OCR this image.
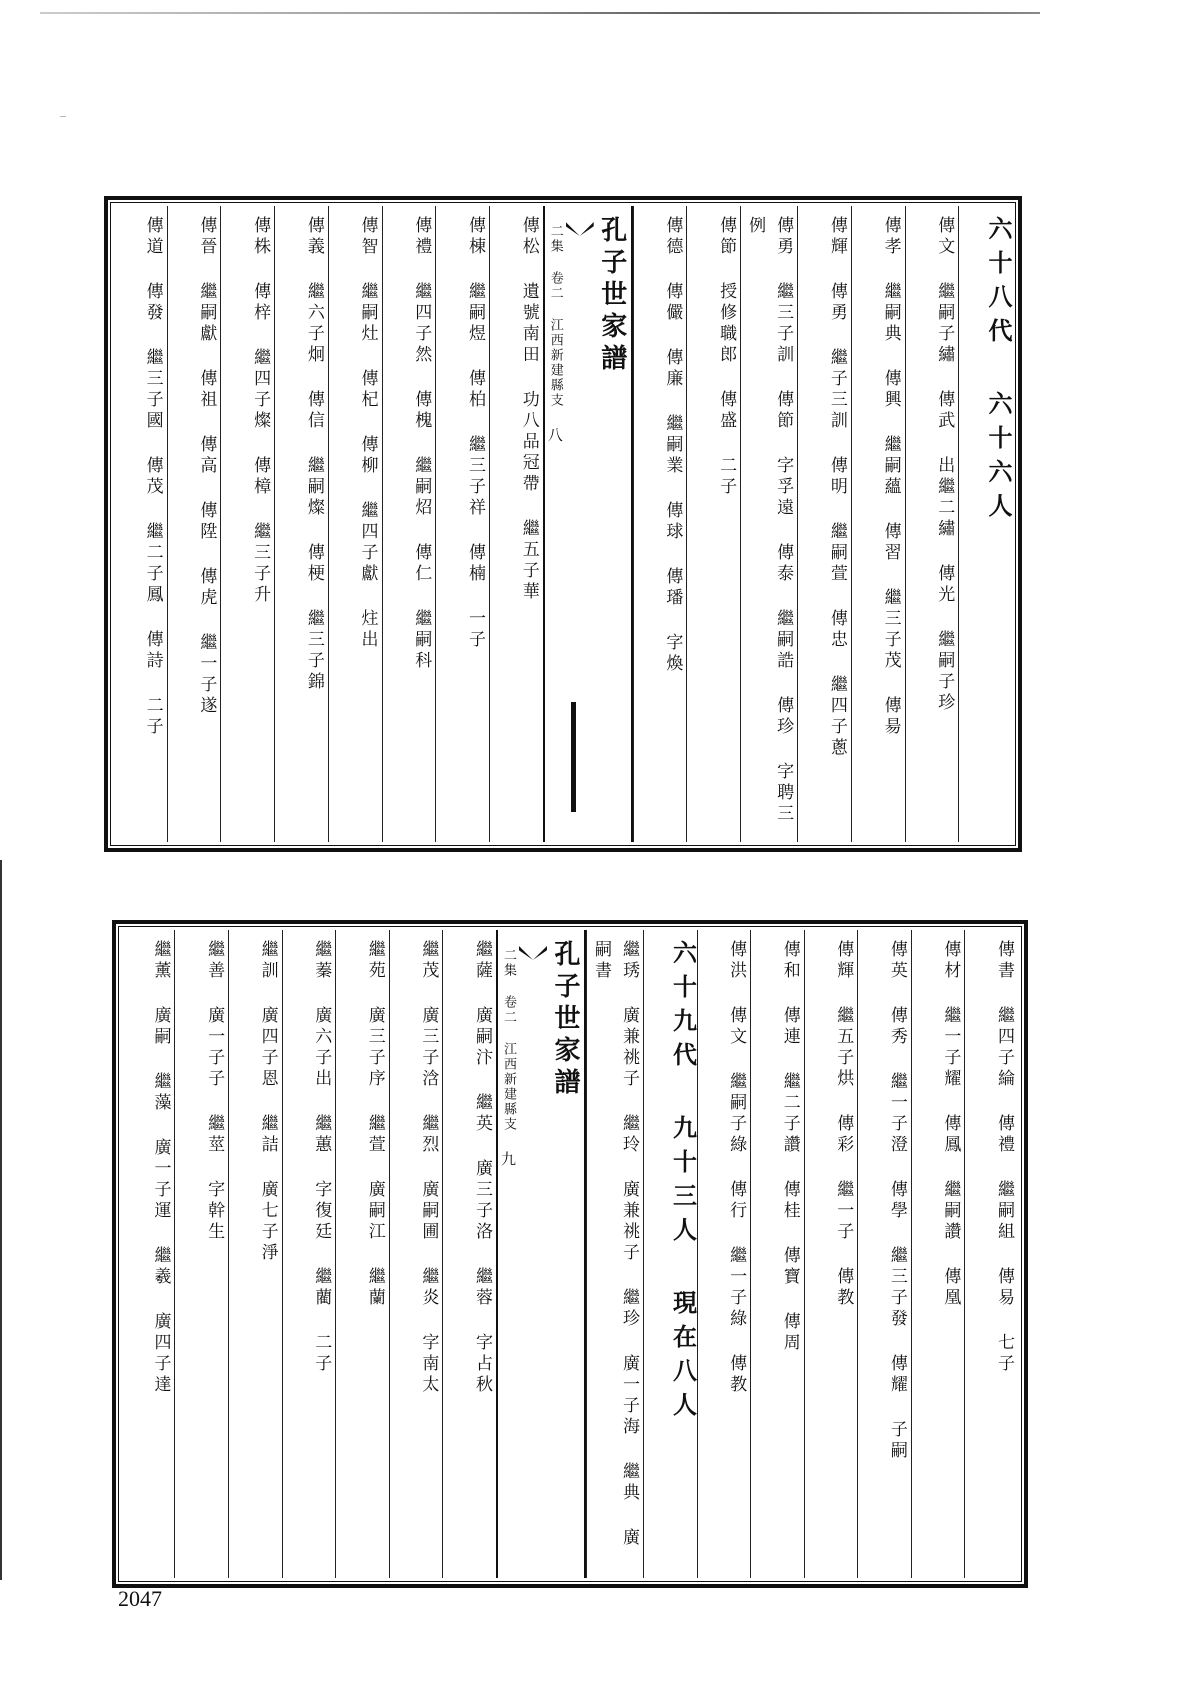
六十八代 六十六人
傳文 繼嗣子繡 傳武 出繼二繡 傳光 繼嗣子珍
傳孝 繼嗣典 傳興 繼嗣蘊 傳習 繼三子茂 傳昜
傳輝 傳勇 繼子三訓 傳明 繼嗣萱 傳忠 繼四子蔥
傳勇 繼三子訓 傳節 字孚遠 傳泰 繼嗣誥 傳珍 字聘三例
傳節 授修職郎 傳盛 二子
傳德 傳儼 傳廉 繼嗣業 傳球 傳璠 字煥
孔子世家譜
二集 卷二 江西新建縣支 八
傳松 遺號南田 功八品冠帶 繼五子華
傳棟 繼嗣煜 傳柏 繼三子祥 傳楠 一子
傳禮 繼四子然 傳槐 繼嗣炤 傳仁 繼嗣科
傳智 繼嗣灶 傳杞 傳柳 繼四子獻 炷出
傳義 繼六子炯 傳信 繼嗣燦 傳梗 繼三子錦
傳株 傳梓 繼四子燦 傳樟 繼三子升
傳晉 繼嗣獻 傳祖 傳高 傳陞 傳虎 繼一子遂
傳道 傳發 繼三子國 傳茂 繼二子鳳 傳詩 二子
傳書 繼四子綸 傳禮 繼嗣組 傳易 七子
傳材 繼一子耀 傳鳳 繼嗣讚 傳凰
傳英 傳秀 繼一子澄 傳學 繼三子發 傳耀 子嗣
傳輝 繼五子烘 傳彩 繼一子 傳教
傳和 傳連 繼二子讚 傳桂 傳寶 傳周
傳洪 傳文 繼嗣子綠 傳行 繼一子綠 傳教
六十九代 九十三人 現在八人
繼琇 廣兼祧子 繼玲 廣兼祧子 繼珍 廣一子海 繼典 廣嗣書
孔子世家譜
二集 卷二 江西新建縣支 九
繼薩 廣嗣汴 繼英 廣三子洛 繼蓉 字占秋
繼茂 廣三子浛 繼烈 廣嗣圃 繼炎 字南太
繼苑 廣三子序 繼萱 廣嗣江 繼蘭
繼蓁 廣六子出 繼蕙 字復廷 繼藺 二子
繼訓 廣四子恩 繼詰 廣七子淨
繼善 廣一子子 繼莖 字幹生
繼薰 廣嗣 繼藻 廣一子運 繼羲 廣四子達
2047
